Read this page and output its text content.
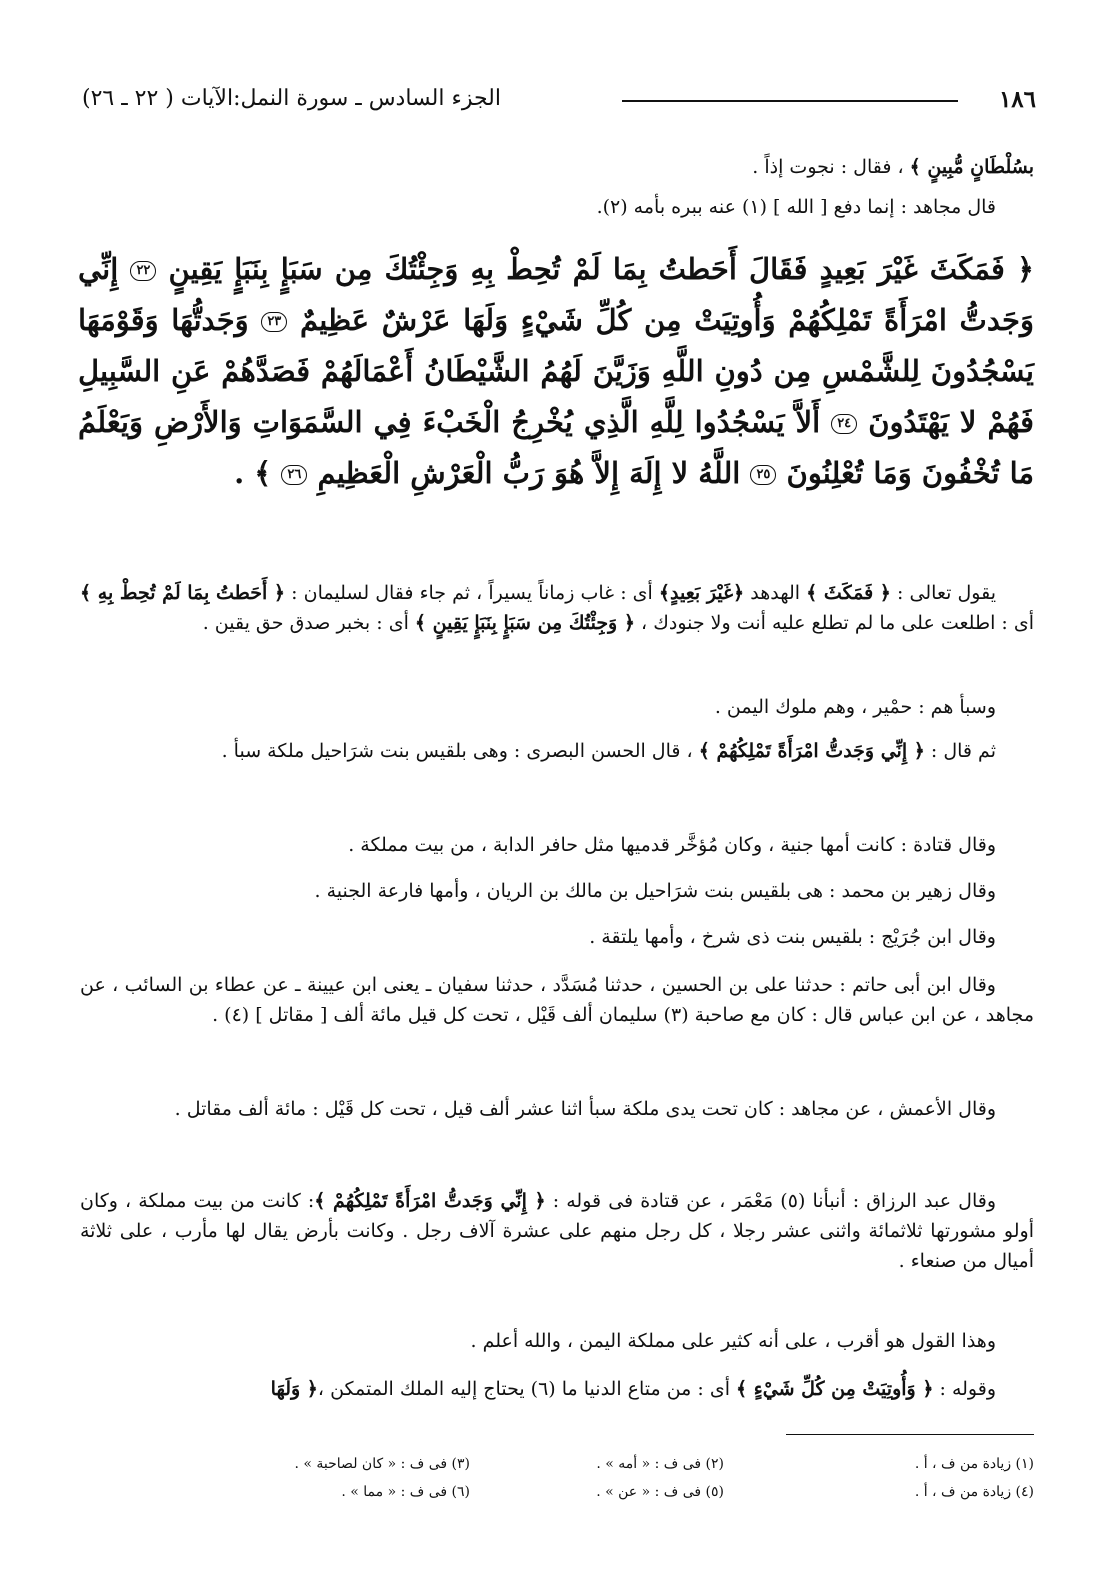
١٨٦
الجزء السادس ـ سورة النمل:الآيات ( ٢٢ ـ ٢٦)
بسُلْطَانٍ مُّبِينٍ ﴾ ، فقال : نجوت إذاً .
قال مجاهد : إنما دفع [ الله ] (١) عنه ببره بأمه (٢).
﴿ فَمَكَثَ غَيْرَ بَعِيدٍ فَقَالَ أَحَطتُ بِمَا لَمْ تُحِطْ بِهِ وَجِئْتُكَ مِن سَبَإٍ بِنَبَإٍ يَقِينٍ ٢٢ إِنِّي وَجَدتُّ امْرَأَةً تَمْلِكُهُمْ وَأُوتِيَتْ مِن كُلِّ شَيْءٍ وَلَهَا عَرْشٌ عَظِيمٌ ٢٣ وَجَدتُّهَا وَقَوْمَهَا يَسْجُدُونَ لِلشَّمْسِ مِن دُونِ اللَّهِ وَزَيَّنَ لَهُمُ الشَّيْطَانُ أَعْمَالَهُمْ فَصَدَّهُمْ عَنِ السَّبِيلِ فَهُمْ لا يَهْتَدُونَ ٢٤ أَلاَّ يَسْجُدُوا لِلَّهِ الَّذِي يُخْرِجُ الْخَبْءَ فِي السَّمَوَاتِ وَالأَرْضِ وَيَعْلَمُ مَا تُخْفُونَ وَمَا تُعْلِنُونَ ٢٥ اللَّهُ لا إِلَهَ إِلاَّ هُوَ رَبُّ الْعَرْشِ الْعَظِيمِ ٢٦ ﴾ .
يقول تعالى : ﴿ فَمَكَثَ ﴾ الهدهد ﴿غَيْرَ بَعِيدٍ﴾ أى : غاب زماناً يسيراً ، ثم جاء فقال لسليمان : ﴿ أَحَطتُ بِمَا لَمْ تُحِطْ بِهِ ﴾ أى : اطلعت على ما لم تطلع عليه أنت ولا جنودك ، ﴿ وَجِئْتُكَ مِن سَبَإٍ بِنَبَإٍ يَقِينٍ ﴾ أى : بخبر صدق حق يقين .
وسبأ هم : حمْير ، وهم ملوك اليمن .
ثم قال : ﴿ إِنِّي وَجَدتُّ امْرَأَةً تَمْلِكُهُمْ ﴾ ، قال الحسن البصرى : وهى بلقيس بنت شرَاحيل ملكة سبأ .
وقال قتادة : كانت أمها جنية ، وكان مُؤخَّر قدميها مثل حافر الدابة ، من بيت مملكة .
وقال زهير بن محمد : هى بلقيس بنت شرَاحيل بن مالك بن الريان ، وأمها فارعة الجنية .
وقال ابن جُرَيْج : بلقيس بنت ذى شرخ ، وأمها يلتقة .
وقال ابن أبى حاتم : حدثنا على بن الحسين ، حدثنا مُسَدَّد ، حدثنا سفيان ـ يعنى ابن عيينة ـ عن عطاء بن السائب ، عن مجاهد ، عن ابن عباس قال : كان مع صاحبة (٣) سليمان ألف قَيْل ، تحت كل قيل مائة ألف [ مقاتل ] (٤) .
وقال الأعمش ، عن مجاهد : كان تحت يدى ملكة سبأ اثنا عشر ألف قيل ، تحت كل قَيْل : مائة ألف مقاتل .
وقال عبد الرزاق : أنبأنا (٥) مَعْمَر ، عن قتادة فى قوله : ﴿ إِنِّي وَجَدتُّ امْرَأَةً تَمْلِكُهُمْ ﴾: كانت من بيت مملكة ، وكان أولو مشورتها ثلاثمائة واثنى عشر رجلا ، كل رجل منهم على عشرة آلاف رجل . وكانت بأرض يقال لها مأرب ، على ثلاثة أميال من صنعاء .
وهذا القول هو أقرب ، على أنه كثير على مملكة اليمن ، والله أعلم .
وقوله : ﴿ وَأُوتِيَتْ مِن كُلِّ شَيْءٍ ﴾ أى : من متاع الدنيا ما (٦) يحتاج إليه الملك المتمكن ،﴿ وَلَهَا
(١) زيادة من ف ، أ .
(٢) فى ف : « أمه » .
(٣) فى ف : « كان لصاحبة » .
(٤) زيادة من ف ، أ .
(٥) فى ف : « عن » .
(٦) فى ف : « مما » .
